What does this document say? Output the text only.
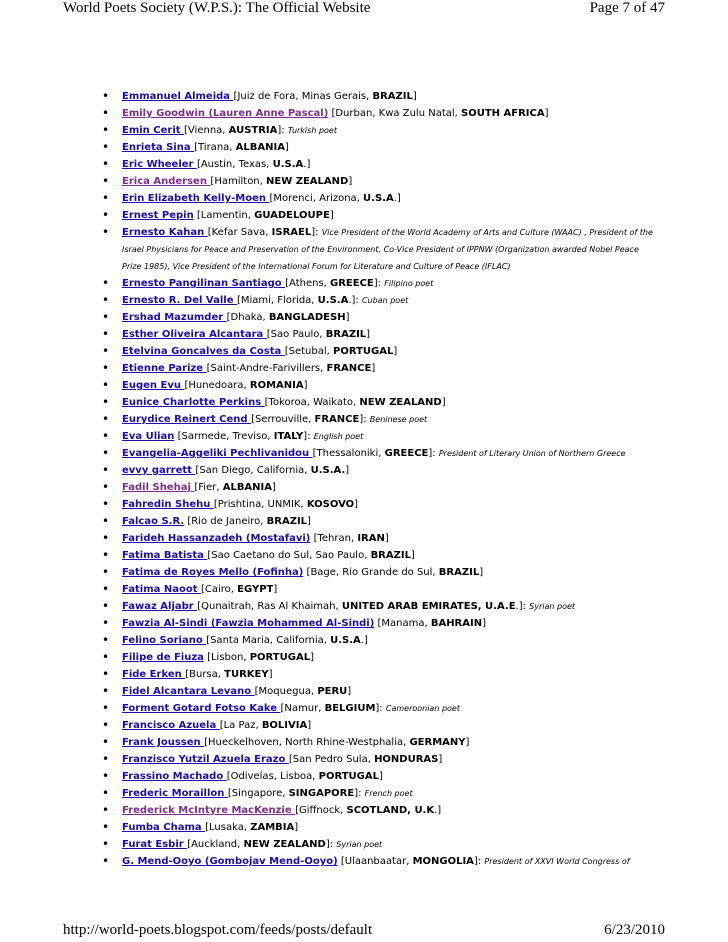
World Poets Society (W.P.S.): The Official Website	Page 7 of 47
• Emmanuel Almeida [Juiz de Fora, Minas Gerais, BRAZIL]
• Emily Goodwin (Lauren Anne Pascal) [Durban, Kwa Zulu Natal, SOUTH AFRICA]
• Emin Cerit [Vienna, AUSTRIA]: Turkish poet
• Enrieta Sina [Tirana, ALBANIA]
• Eric Wheeler [Austin, Texas, U.S.A.]
• Erica Andersen [Hamilton, NEW ZEALAND]
• Erin Elizabeth Kelly-Moen [Morenci, Arizona, U.S.A.]
• Ernest Pepin [Lamentin, GUADELOUPE]
• Ernesto Kahan [Kefar Sava, ISRAEL]: Vice President of the World Academy of Arts and Culture (WAAC) , President of the Israel Physicians for Peace and Preservation of the Environment, Co-Vice President of IPPNW (Organization awarded Nobel Peace Prize 1985), Vice President of the International Forum for Literature and Culture of Peace (IFLAC)
• Ernesto Pangilinan Santiago [Athens, GREECE]: Filipino poet
• Ernesto R. Del Valle [Miami, Florida, U.S.A.]: Cuban poet
• Ershad Mazumder [Dhaka, BANGLADESH]
• Esther Oliveira Alcantara [Sao Paulo, BRAZIL]
• Etelvina Goncalves da Costa [Setubal, PORTUGAL]
• Etienne Parize [Saint-Andre-Farivillers, FRANCE]
• Eugen Evu [Hunedoara, ROMANIA]
• Eunice Charlotte Perkins [Tokoroa, Waikato, NEW ZEALAND]
• Eurydice Reinert Cend [Serrouville, FRANCE]: Beninese poet
• Eva Ulian [Sarmede, Treviso, ITALY]: English poet
• Evangelia-Aggeliki Pechlivanidou [Thessaloniki, GREECE]: President of Literary Union of Northern Greece
• evvy garrett [San Diego, California, U.S.A.]
• Fadil Shehaj [Fier, ALBANIA]
• Fahredin Shehu [Prishtina, UNMIK, KOSOVO]
• Falcao S.R. [Rio de Janeiro, BRAZIL]
• Farideh Hassanzadeh (Mostafavi) [Tehran, IRAN]
• Fatima Batista [Sao Caetano do Sul, Sao Paulo, BRAZIL]
• Fatima de Royes Mello (Fofinha) [Bage, Rio Grande do Sul, BRAZIL]
• Fatima Naoot [Cairo, EGYPT]
• Fawaz Aljabr [Qunaitrah, Ras Al Khaimah, UNITED ARAB EMIRATES, U.A.E.]: Syrian poet
• Fawzia Al-Sindi (Fawzia Mohammed Al-Sindi) [Manama, BAHRAIN]
• Felino Soriano [Santa Maria, California, U.S.A.]
• Filipe de Fiuza [Lisbon, PORTUGAL]
• Fide Erken [Bursa, TURKEY]
• Fidel Alcantara Levano [Moquegua, PERU]
• Forment Gotard Fotso Kake [Namur, BELGIUM]: Cameroonian poet
• Francisco Azuela [La Paz, BOLIVIA]
• Frank Joussen [Hueckelhoven, North Rhine-Westphalia, GERMANY]
• Franzisco Yutzil Azuela Erazo [San Pedro Sula, HONDURAS]
• Frassino Machado [Odivelas, Lisboa, PORTUGAL]
• Frederic Moraillon [Singapore, SINGAPORE]: French poet
• Frederick McIntyre MacKenzie [Giffnock, SCOTLAND, U.K.]
• Fumba Chama [Lusaka, ZAMBIA]
• Furat Esbir [Auckland, NEW ZEALAND]: Syrian poet
• G. Mend-Ooyo (Gombojav Mend-Ooyo) [Ulaanbaatar, MONGOLIA]: President of XXVI World Congress of
http://world-poets.blogspot.com/feeds/posts/default	6/23/2010
